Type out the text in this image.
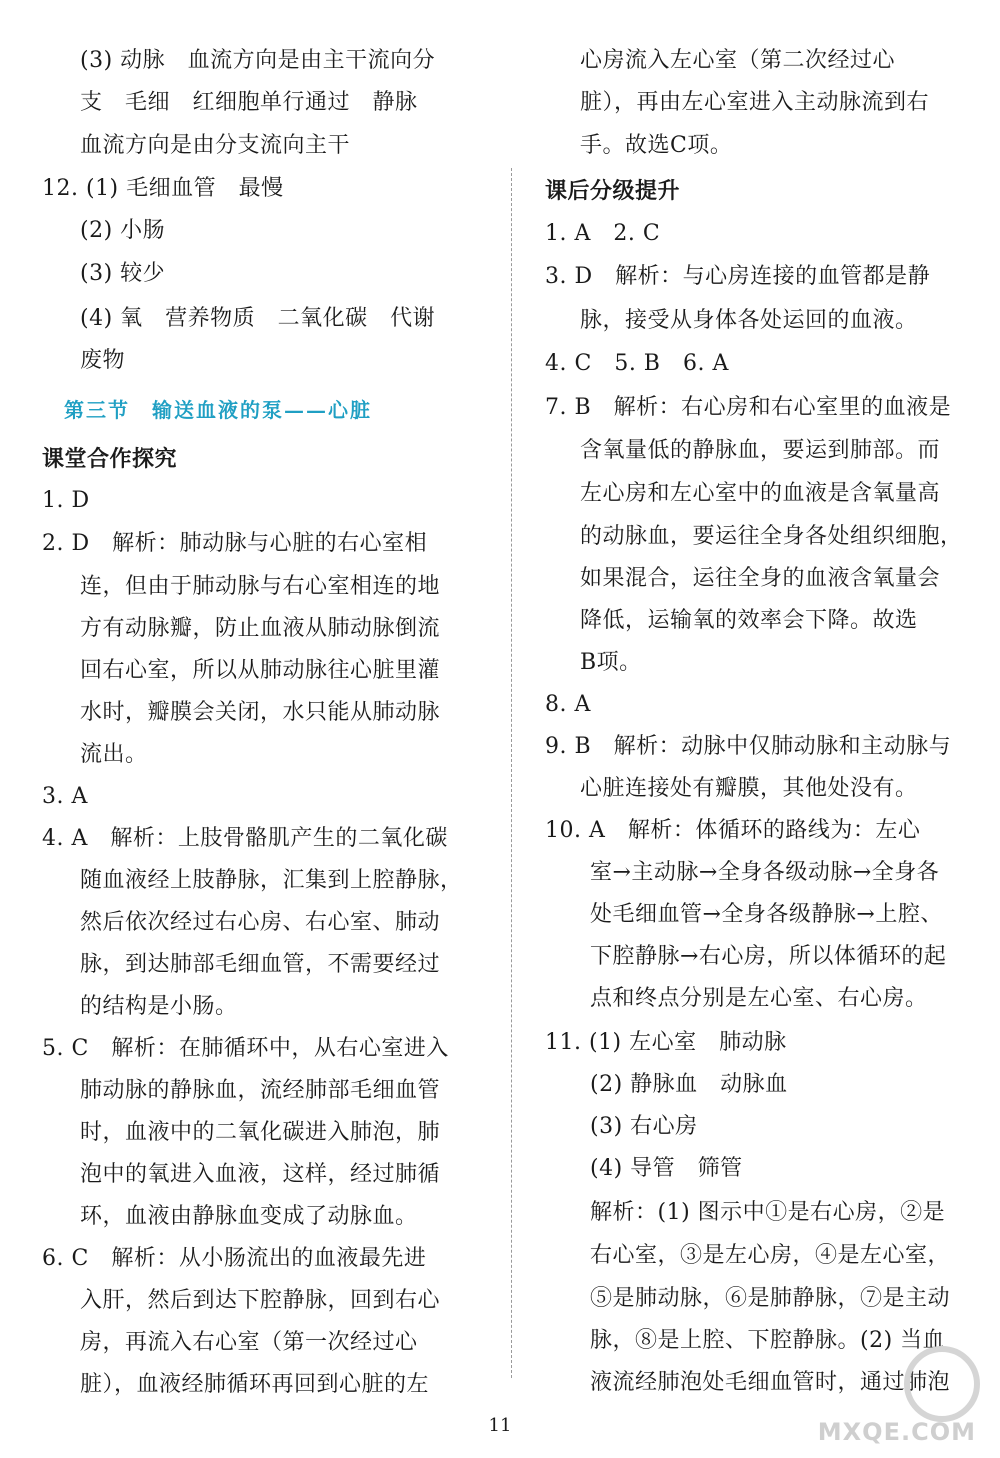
(3) 动脉　血流方向是由主干流向分
支　毛细　红细胞单行通过　静脉
血流方向是由分支流向主干
12. (1) 毛细血管　最慢
(2) 小肠
(3) 较少
(4) 氧　营养物质　二氧化碳　代谢
废物
第三节　输送血液的泵——心脏
课堂合作探究
1. D
2. D　解析：肺动脉与心脏的右心室相
连，但由于肺动脉与右心室相连的地
方有动脉瓣，防止血液从肺动脉倒流
回右心室，所以从肺动脉往心脏里灌
水时，瓣膜会关闭，水只能从肺动脉
流出。
3. A
4. A　解析：上肢骨骼肌产生的二氧化碳
随血液经上肢静脉，汇集到上腔静脉，
然后依次经过右心房、右心室、肺动
脉，到达肺部毛细血管，不需要经过
的结构是小肠。
5. C　解析：在肺循环中，从右心室进入
肺动脉的静脉血，流经肺部毛细血管
时，血液中的二氧化碳进入肺泡，肺
泡中的氧进入血液，这样，经过肺循
环，血液由静脉血变成了动脉血。
6. C　解析：从小肠流出的血液最先进
入肝，然后到达下腔静脉，回到右心
房，再流入右心室（第一次经过心
脏），血液经肺循环再回到心脏的左
心房流入左心室（第二次经过心
脏），再由左心室进入主动脉流到右
手。故选C项。
课后分级提升
1. A　2. C
3. D　解析：与心房连接的血管都是静
脉，接受从身体各处运回的血液。
4. C　5. B　6. A
7. B　解析：右心房和右心室里的血液是
含氧量低的静脉血，要运到肺部。而
左心房和左心室中的血液是含氧量高
的动脉血，要运往全身各处组织细胞，
如果混合，运往全身的血液含氧量会
降低，运输氧的效率会下降。故选
B项。
8. A
9. B　解析：动脉中仅肺动脉和主动脉与
心脏连接处有瓣膜，其他处没有。
10. A　解析：体循环的路线为：左心
室→主动脉→全身各级动脉→全身各
处毛细血管→全身各级静脉→上腔、
下腔静脉→右心房，所以体循环的起
点和终点分别是左心室、右心房。
11. (1) 左心室　肺动脉
(2) 静脉血　动脉血
(3) 右心房
(4) 导管　筛管
解析：(1) 图示中①是右心房，②是
右心室，③是左心房，④是左心室，
⑤是肺动脉，⑥是肺静脉，⑦是主动
脉，⑧是上腔、下腔静脉。(2) 当血
液流经肺泡处毛细血管时，通过肺泡
11	MXQE.COM
